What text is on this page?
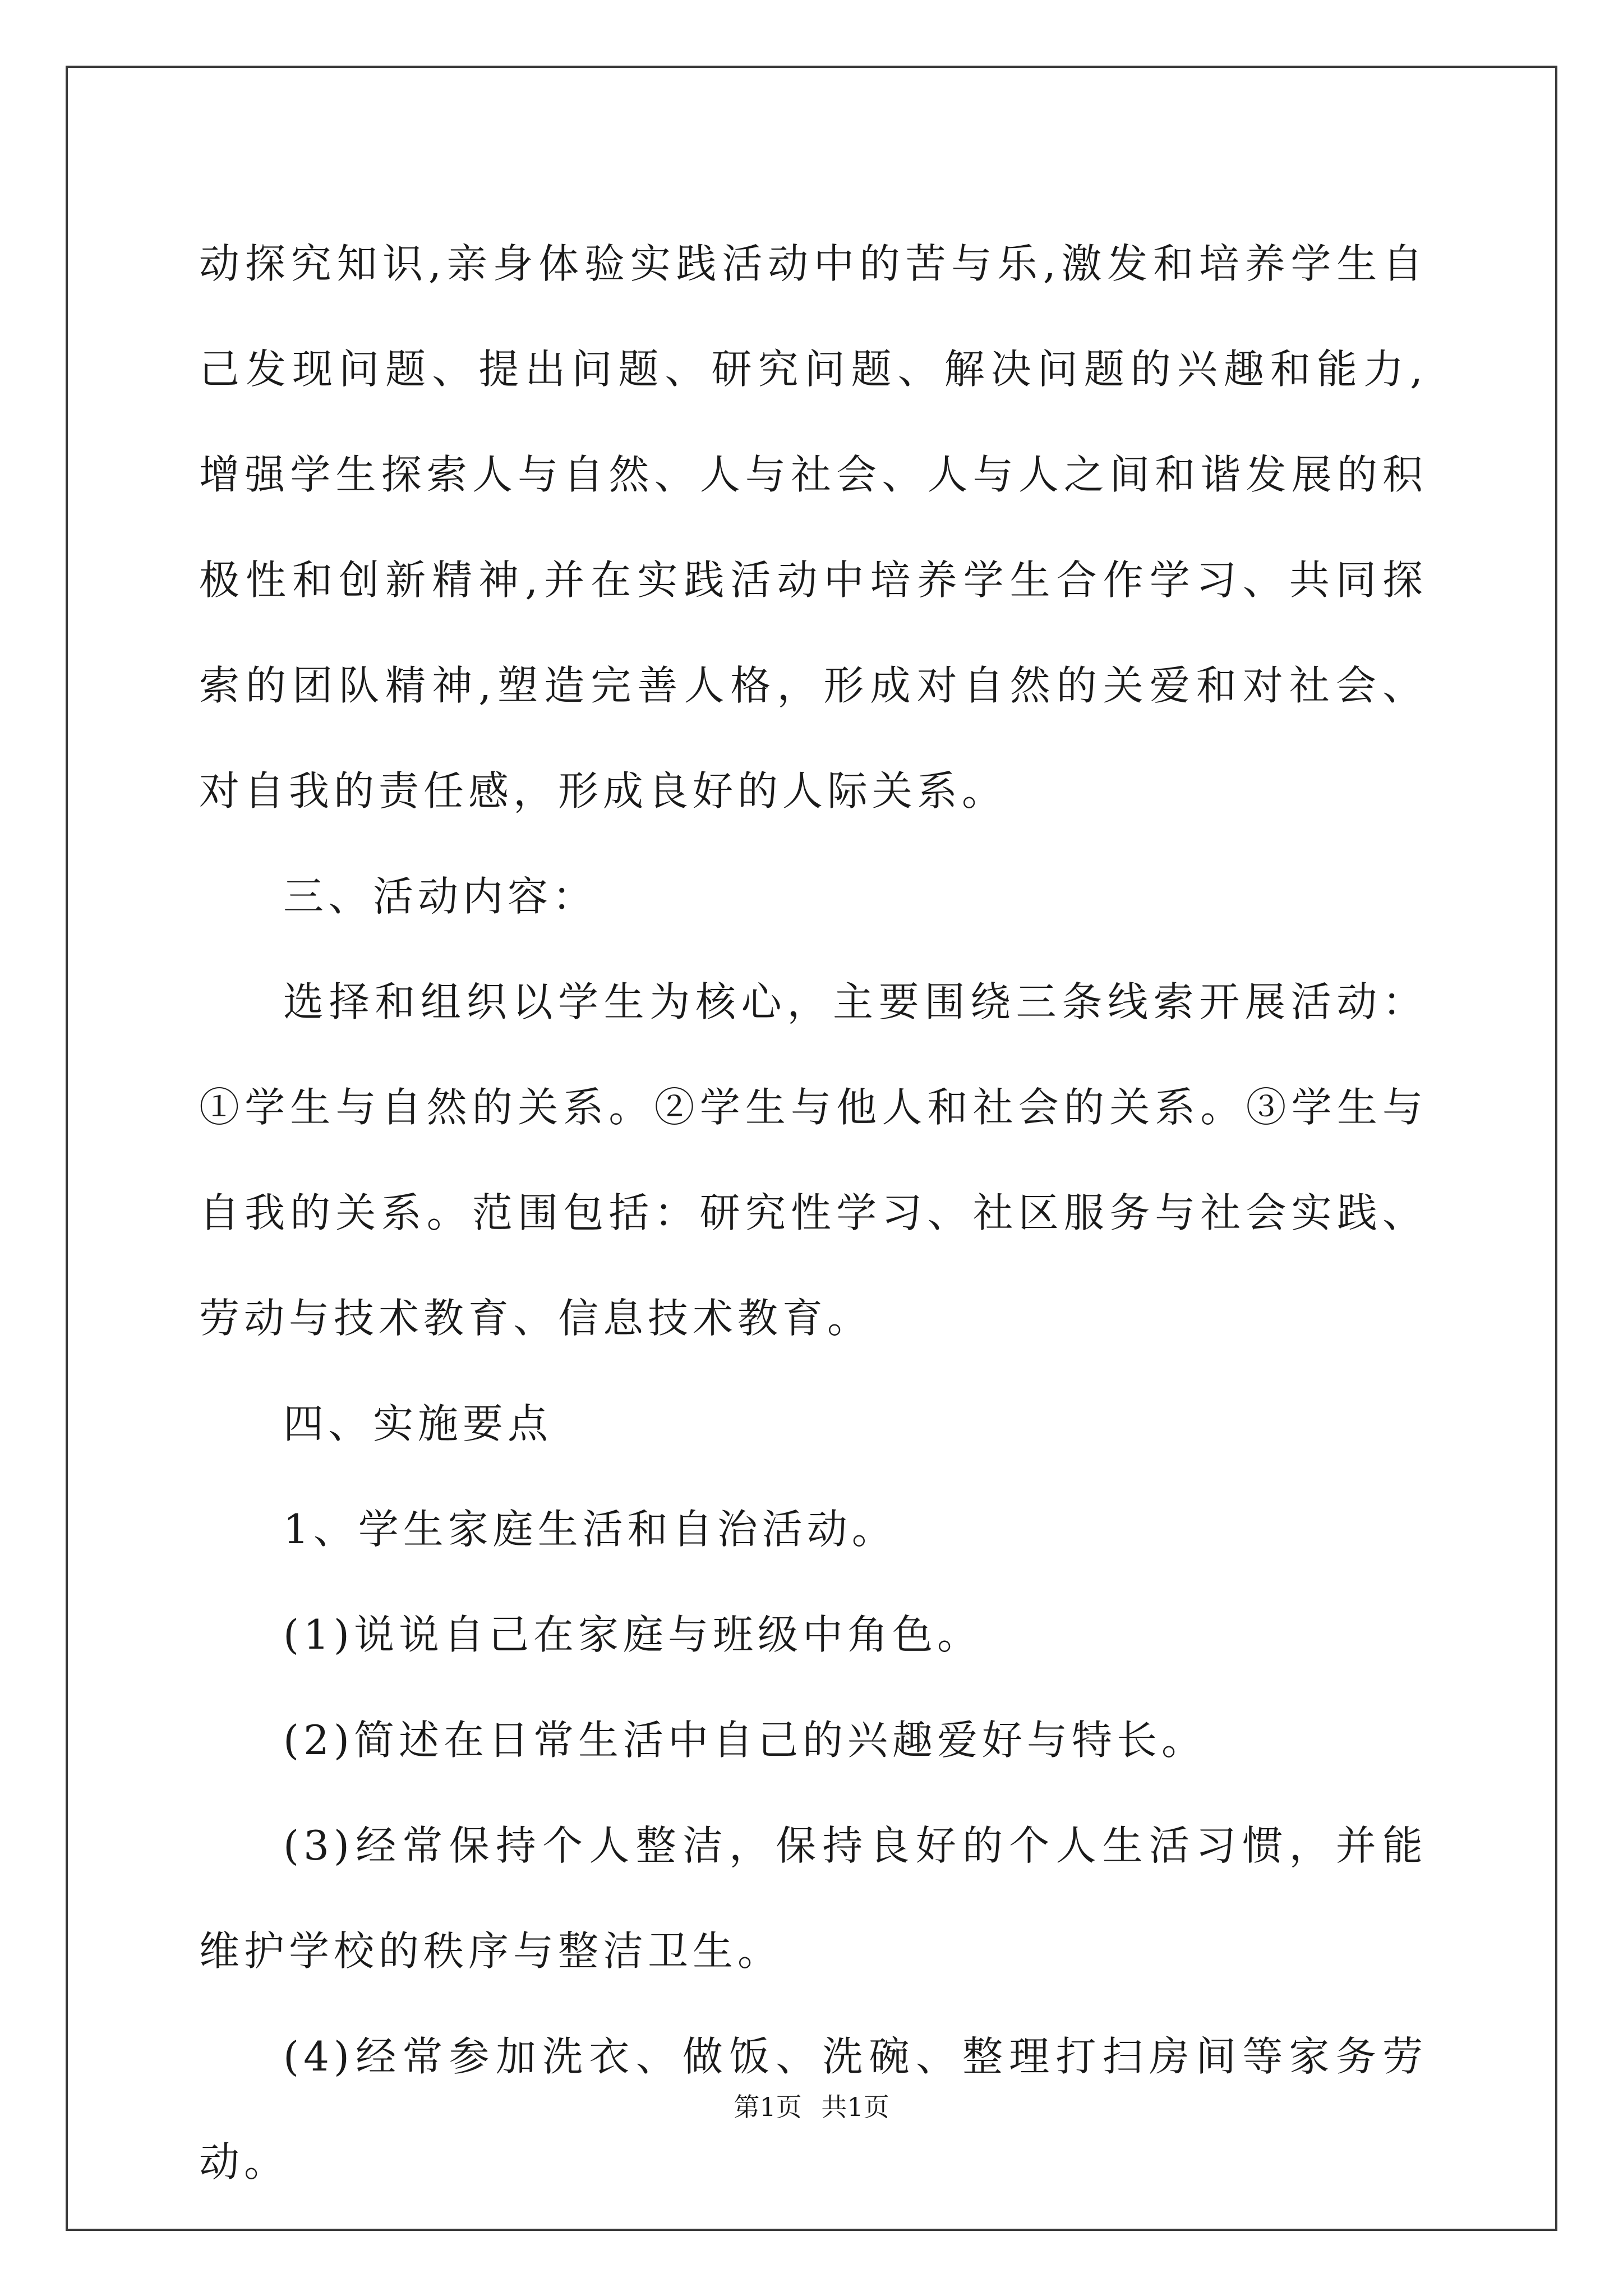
动探究知识,亲身体验实践活动中的苦与乐,激发和培养学生自己发现问题、提出问题、研究问题、解决问题的兴趣和能力,增强学生探索人与自然、人与社会、人与人之间和谐发展的积极性和创新精神,并在实践活动中培养学生合作学习、共同探索的团队精神,塑造完善人格，形成对自然的关爱和对社会、对自我的责任感，形成良好的人际关系。

三、活动内容：

选择和组织以学生为核心，主要围绕三条线索开展活动：①学生与自然的关系。②学生与他人和社会的关系。③学生与自我的关系。范围包括：研究性学习、社区服务与社会实践、劳动与技术教育、信息技术教育。

四、实施要点

1、学生家庭生活和自治活动。

(1)说说自己在家庭与班级中角色。

(2)简述在日常生活中自己的兴趣爱好与特长。

(3)经常保持个人整洁，保持良好的个人生活习惯，并能维护学校的秩序与整洁卫生。

(4)经常参加洗衣、做饭、洗碗、整理打扫房间等家务劳动。

第1页 共1页
